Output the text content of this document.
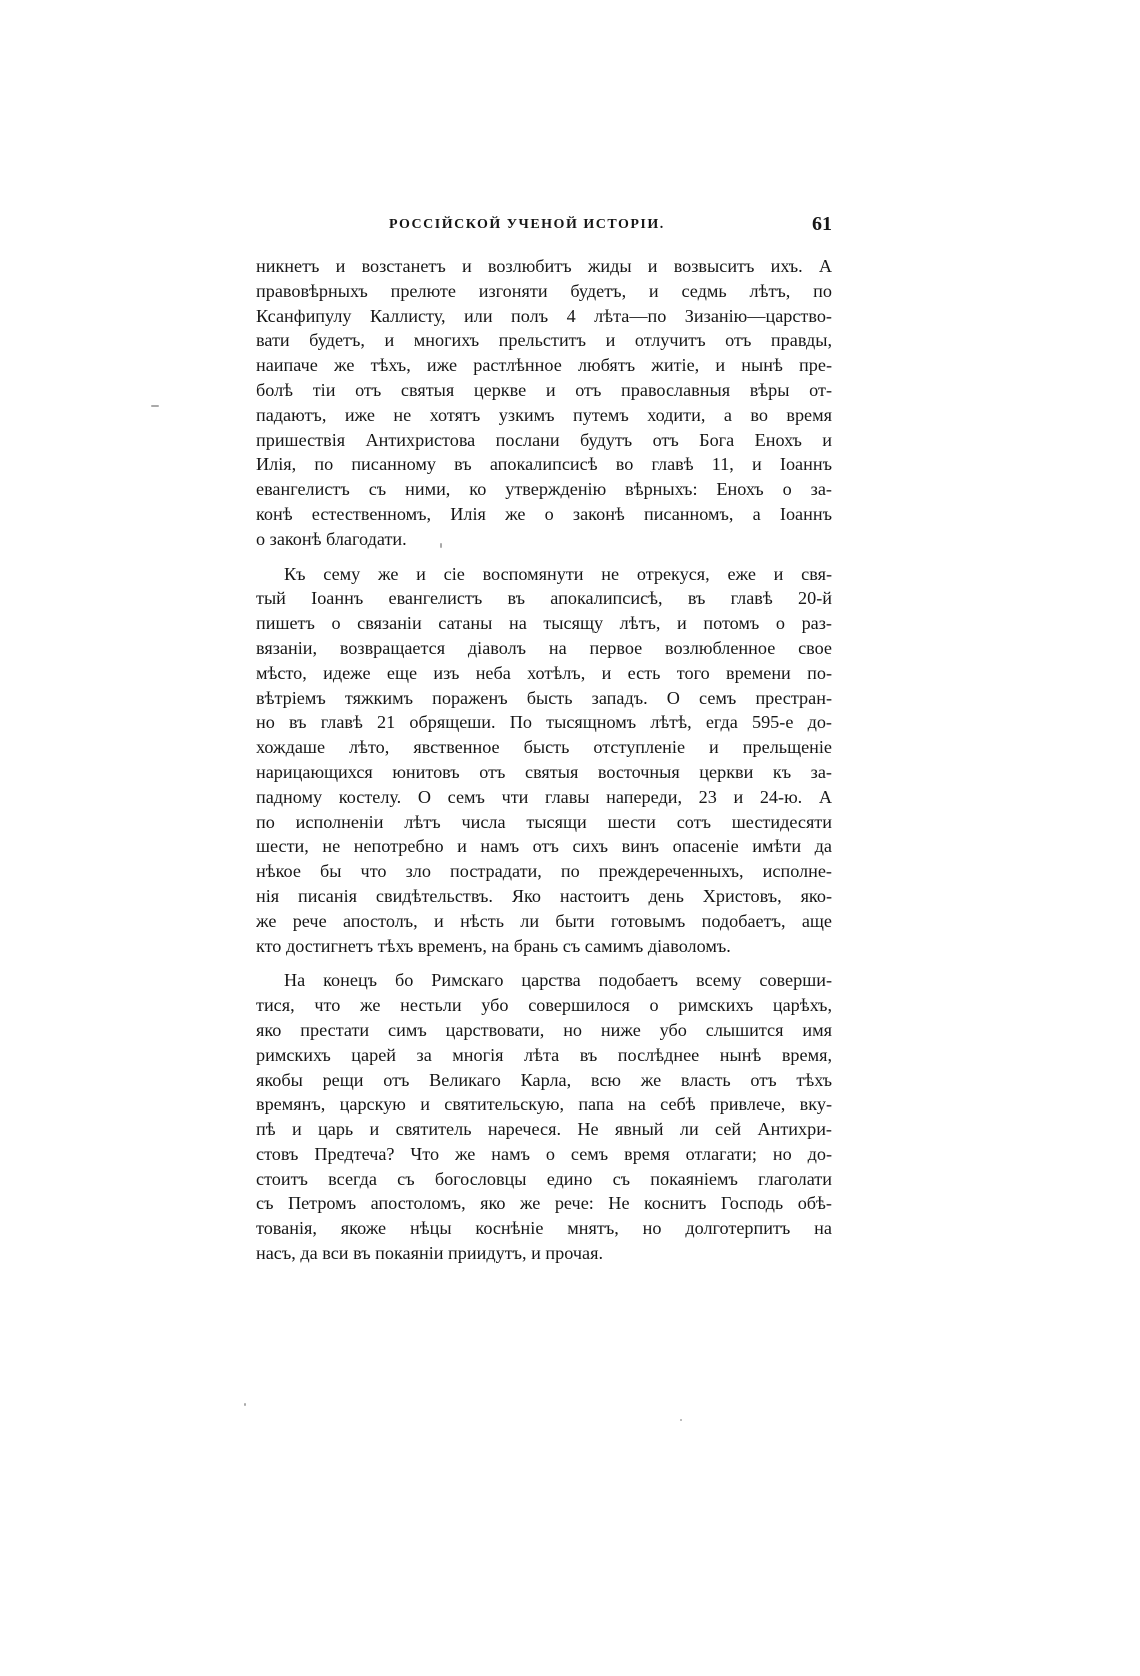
РОССІЙСКОЙ УЧЕНОЙ ИСТОРІИ.	61
никнетъ и возстанетъ и возлюбитъ жиды и возвыситъ ихъ. А
правовѣрныхъ прелюте изгоняти будетъ, и седмь лѣтъ, по
Ксанфипулу Каллисту, или полъ 4 лѣта—по Зизанію—царство-
вати будетъ, и многихъ прельститъ и отлучитъ отъ правды,
наипаче же тѣхъ, иже растлѣнное любятъ житіе, и нынѣ пре-
болѣ тіи отъ святыя церкве и отъ православныя вѣры от-
падаютъ, иже не хотятъ узкимъ путемъ ходити, а во время
пришествія Антихристова послани будутъ отъ Бога Енохъ и
Илія, по писанному въ апокалипсисѣ во главѣ 11, и Іоаннъ
евангелистъ съ ними, ко утвержденію вѣрныхъ: Енохъ о за-
конѣ естественномъ, Илія же о законѣ писанномъ, а Іоаннъ
о законѣ благодати.
Къ сему же и сіе воспомянути не отрекуся, еже и свя-
тый Іоаннъ евангелистъ въ апокалипсисѣ, въ главѣ 20-й
пишетъ о связаніи сатаны на тысящу лѣтъ, и потомъ о раз-
вязаніи, возвращается діаволъ на первое возлюбленное свое
мѣсто, идеже еще изъ неба хотѣлъ, и есть того времени по-
вѣтріемъ тяжкимъ пораженъ бысть западъ. О семъ престран-
но въ главѣ 21 обрящеши. По тысящномъ лѣтѣ, егда 595-е до-
хождаше лѣто, явственное бысть отступленіе и прельщеніе
нарицающихся юнитовъ отъ святыя восточныя церкви къ за-
падному костелу. О семъ чти главы напереди, 23 и 24-ю. А
по исполненіи лѣтъ числа тысящи шести сотъ шестидесяти
шести, не непотребно и намъ отъ сихъ винъ опасеніе имѣти да
нѣкое бы что зло пострадати, по преждереченныхъ, исполне-
нія писанія свидѣтельствъ. Яко настоитъ день Христовъ, яко-
же рече апостолъ, и нѣсть ли быти готовымъ подобаетъ, аще
кто достигнетъ тѣхъ временъ, на брань съ самимъ діаволомъ.
На конецъ бо Римскаго царства подобаетъ всему соверши-
тися, что же нестьли убо совершилося о римскихъ царѣхъ,
яко престати симъ царствовати, но ниже убо слышится имя
римскихъ царей за многія лѣта въ послѣднее нынѣ время,
якобы рещи отъ Великаго Карла, всю же власть отъ тѣхъ
времянъ, царскую и святительскую, папа на себѣ привлече, вку-
пѣ и царь и святитель наречеся. Не явный ли сей Антихри-
стовъ Предтеча? Что же намъ о семъ время отлагати; но до-
стоитъ всегда съ богословцы едино съ покаяніемъ глаголати
съ Петромъ апостоломъ, яко же рече: Не коснитъ Господь обѣ-
тованія, якоже нѣцы коснѣніе мнятъ, но долготерпитъ на
насъ, да вси въ покаяніи приидутъ, и прочая.
